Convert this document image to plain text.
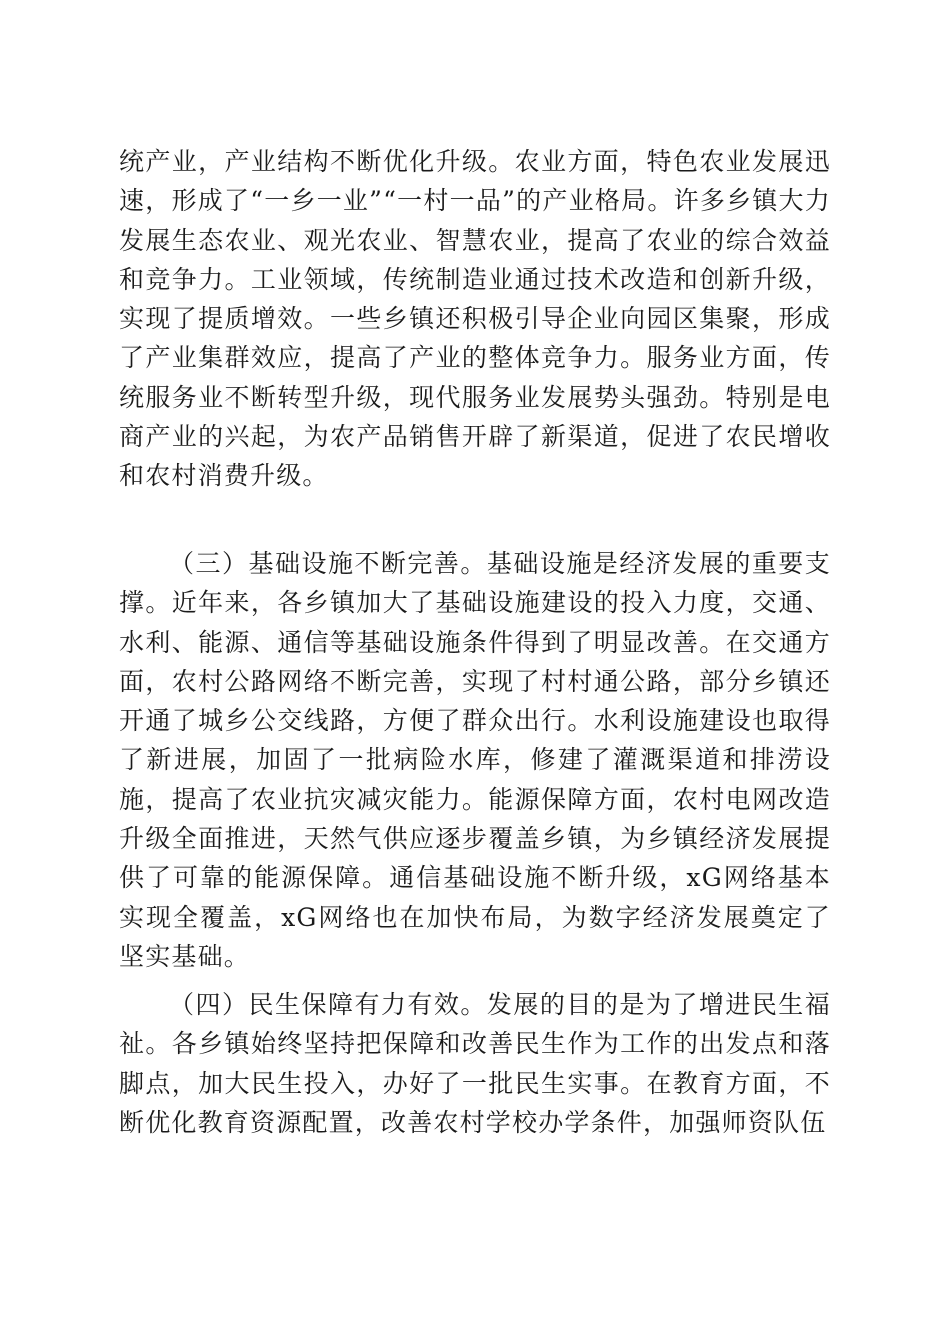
统产业，产业结构不断优化升级。农业方面，特色农业发展迅速，形成了“一乡一业”“一村一品”的产业格局。许多乡镇大力发展生态农业、观光农业、智慧农业，提高了农业的综合效益和竞争力。工业领域，传统制造业通过技术改造和创新升级，实现了提质增效。一些乡镇还积极引导企业向园区集聚，形成了产业集群效应，提高了产业的整体竞争力。服务业方面，传统服务业不断转型升级，现代服务业发展势头强劲。特别是电商产业的兴起，为农产品销售开辟了新渠道，促进了农民增收和农村消费升级。

（三）基础设施不断完善。基础设施是经济发展的重要支撑。近年来，各乡镇加大了基础设施建设的投入力度，交通、水利、能源、通信等基础设施条件得到了明显改善。在交通方面，农村公路网络不断完善，实现了村村通公路，部分乡镇还开通了城乡公交线路，方便了群众出行。水利设施建设也取得了新进展，加固了一批病险水库，修建了灌溉渠道和排涝设施，提高了农业抗灾减灾能力。能源保障方面，农村电网改造升级全面推进，天然气供应逐步覆盖乡镇，为乡镇经济发展提供了可靠的能源保障。通信基础设施不断升级，xG网络基本实现全覆盖，xG网络也在加快布局，为数字经济发展奠定了坚实基础。

（四）民生保障有力有效。发展的目的是为了增进民生福祉。各乡镇始终坚持把保障和改善民生作为工作的出发点和落脚点，加大民生投入，办好了一批民生实事。在教育方面，不断优化教育资源配置，改善农村学校办学条件，加强师资队伍
